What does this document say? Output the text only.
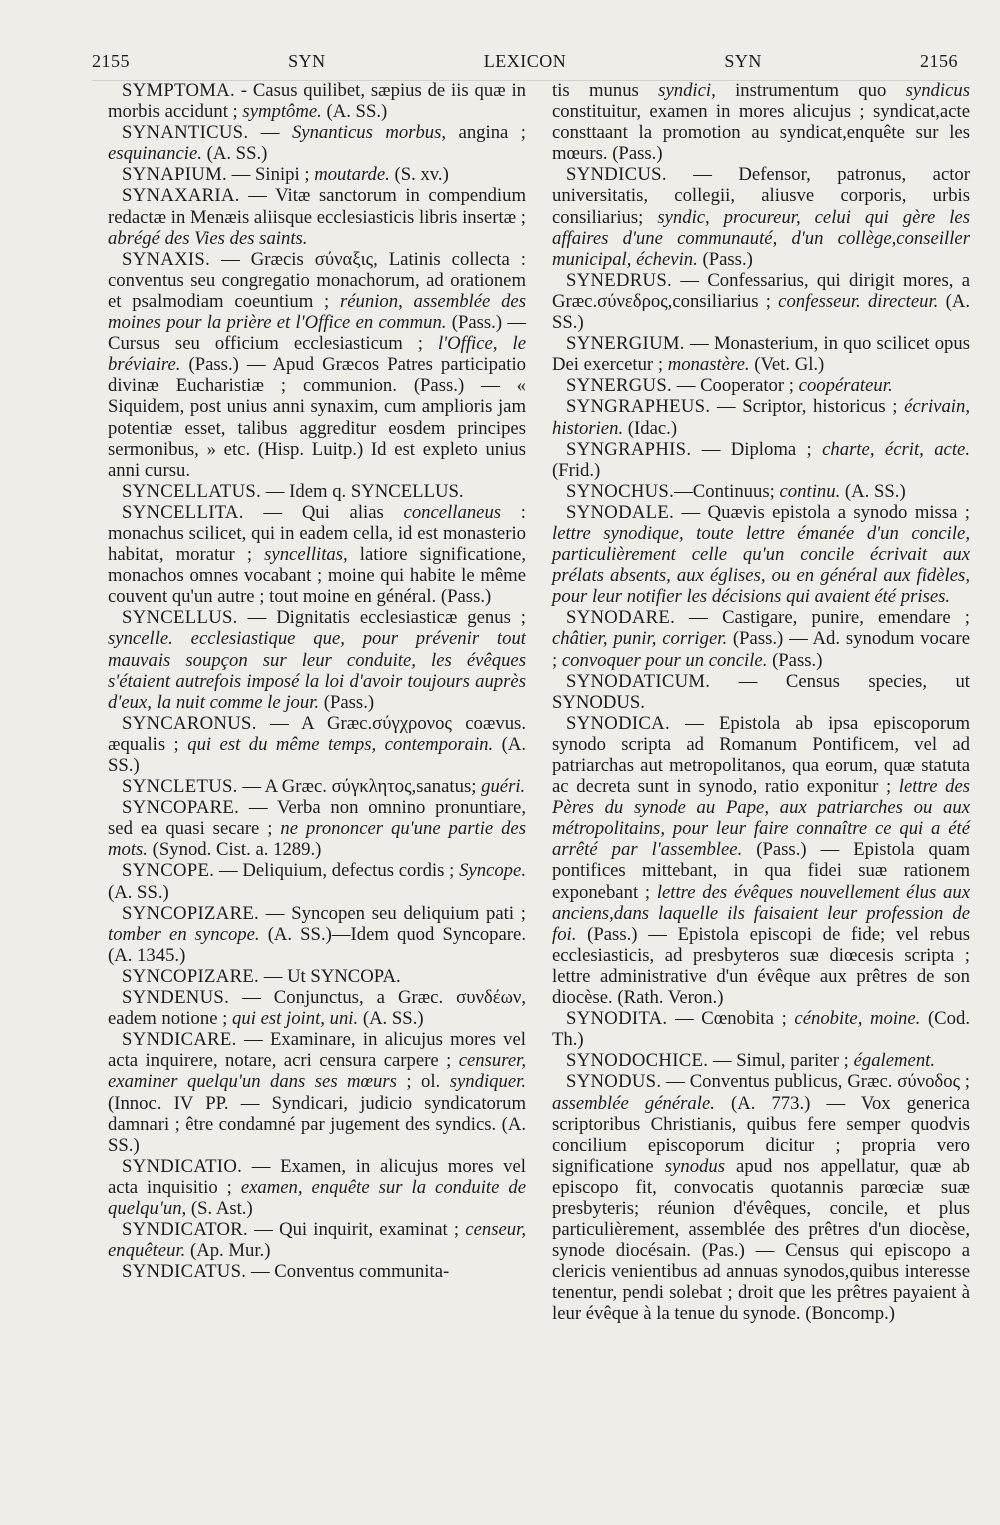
2155	SYN	LEXICON	SYN	2156

SYMPTOMA. - Casus quilibet, sæpius de iis quæ in morbis accidunt ; symptôme. (A. SS.)

SYNANTICUS. — Synanticus morbus, angina ; esquinancie. (A. SS.)

SYNAPIUM. — Sinipi ; moutarde. (S. xv.)

SYNAXARIA. — Vitæ sanctorum in compendium redactæ in Menæis aliisque ecclesiasticis libris insertæ ; abrégé des Vies des saints.

SYNAXIS. — Græcis σύναξις, Latinis collecta : conventus seu congregatio monachorum, ad orationem et psalmodiam coeuntium ; réunion, assemblée des moines pour la prière et l'Office en commun. (Pass.) — Cursus seu officium ecclesiasticum ; l'Office, le bréviaire. (Pass.) — Apud Græcos Patres participatio divinæ Eucharistiæ ; communion. (Pass.) — « Siquidem, post unius anni synaxim, cum amplioris jam potentiæ esset, talibus aggreditur eosdem principes sermonibus, » etc. (Hisp. Luitp.) Id est expleto unius anni cursu.

SYNCELLATUS. — Idem q. SYNCELLUS.

SYNCELLITA. — Qui alias concellaneus : monachus scilicet, qui in eadem cella, id est monasterio habitat, moratur ; syncellitas, latiore significatione, monachos omnes vocabant ; moine qui habite le même couvent qu'un autre ; tout moine en général. (Pass.)

SYNCELLUS. — Dignitatis ecclesiasticæ genus ; syncelle. ecclesiastique que, pour prévenir tout mauvais soupçon sur leur conduite, les évêques s'étaient autrefois imposé la loi d'avoir toujours auprès d'eux, la nuit comme le jour. (Pass.)

SYNCARONUS. — A Græc.σύγχρονος coævus. æqualis ; qui est du même temps, contemporain. (A. SS.)

SYNCLETUS. — A Græc. σύγκλητος,sanatus; guéri.

SYNCOPARE. — Verba non omnino pronuntiare, sed ea quasi secare ; ne prononcer qu'une partie des mots. (Synod. Cist. a. 1289.)

SYNCOPE. — Deliquium, defectus cordis ; Syncope. (A. SS.)

SYNCOPIZARE. — Syncopen seu deliquium pati ; tomber en syncope. (A. SS.)—Idem quod Syncopare. (A. 1345.)

SYNCOPIZARE. — Ut SYNCOPA.

SYNDENUS. — Conjunctus, a Græc. συνδέων, eadem notione ; qui est joint, uni. (A. SS.)

SYNDICARE. — Examinare, in alicujus mores vel acta inquirere, notare, acri censura carpere ; censurer, examiner quelqu'un dans ses mœurs ; ol. syndiquer. (Innoc. IV PP. — Syndicari, judicio syndicatorum damnari ; être condamné par jugement des syndics. (A. SS.)

SYNDICATIO. — Examen, in alicujus mores vel acta inquisitio ; examen, enquête sur la conduite de quelqu'un, (S. Ast.)

SYNDICATOR. — Qui inquirit, examinat ; censeur, enquêteur. (Ap. Mur.)

SYNDICATUS. — Conventus communita-

tis munus syndici, instrumentum quo syndicus constituitur, examen in mores alicujus ; syndicat,acte consttaant la promotion au syndicat,enquête sur les mœurs. (Pass.)

SYNDICUS. — Defensor, patronus, actor universitatis, collegii, aliusve corporis, urbis consiliarius; syndic, procureur, celui qui gère les affaires d'une communauté, d'un collège,conseiller municipal, échevin. (Pass.)

SYNEDRUS. — Confessarius, qui dirigit mores, a Græc.σύνεδρος,consiliarius ; confesseur. directeur. (A. SS.)

SYNERGIUM. — Monasterium, in quo scilicet opus Dei exercetur ; monastère. (Vet. Gl.)

SYNERGUS. — Cooperator ; coopérateur.

SYNGRAPHEUS. — Scriptor, historicus ; écrivain, historien. (Idac.)

SYNGRAPHIS. — Diploma ; charte, écrit, acte. (Frid.)

SYNOCHUS.—Continuus; continu. (A. SS.)

SYNODALE. — Quævis epistola a synodo missa ; lettre synodique, toute lettre émanée d'un concile, particulièrement celle qu'un concile écrivait aux prélats absents, aux églises, ou en général aux fidèles, pour leur notifier les décisions qui avaient été prises.

SYNODARE. — Castigare, punire, emendare ; châtier, punir, corriger. (Pass.) — Ad. synodum vocare ; convoquer pour un concile. (Pass.)

SYNODATICUM. — Census species, ut SYNODUS.

SYNODICA. — Epistola ab ipsa episcoporum synodo scripta ad Romanum Pontificem, vel ad patriarchas aut metropolitanos, qua eorum, quæ statuta ac decreta sunt in synodo, ratio exponitur ; lettre des Pères du synode au Pape, aux patriarches ou aux métropolitains, pour leur faire connaître ce qui a été arrêté par l'assemblee. (Pass.) — Epistola quam pontifices mittebant, in qua fidei suæ rationem exponebant ; lettre des évêques nouvellement élus aux anciens,dans laquelle ils faisaient leur profession de foi. (Pass.) — Epistola episcopi de fide; vel rebus ecclesiasticis, ad presbyteros suæ diœcesis scripta ; lettre administrative d'un évêque aux prêtres de son diocèse. (Rath. Veron.)

SYNODITA. — Cœnobita ; cénobite, moine. (Cod. Th.)

SYNODOCHICE. — Simul, pariter ; également.

SYNODUS. — Conventus publicus, Græc. σύνοδος ; assemblée générale. (A. 773.) — Vox generica scriptoribus Christianis, quibus fere semper quodvis concilium episcoporum dicitur ; propria vero significatione synodus apud nos appellatur, quæ ab episcopo fit, convocatis quotannis parœciæ suæ presbyteris; réunion d'évêques, concile, et plus particulièrement, assemblée des prêtres d'un diocèse, synode diocésain. (Pas.) — Census qui episcopo a clericis venientibus ad annuas synodos,quibus interesse tenentur, pendi solebat ; droit que les prêtres payaient à leur évêque à la tenue du synode. (Boncomp.)
